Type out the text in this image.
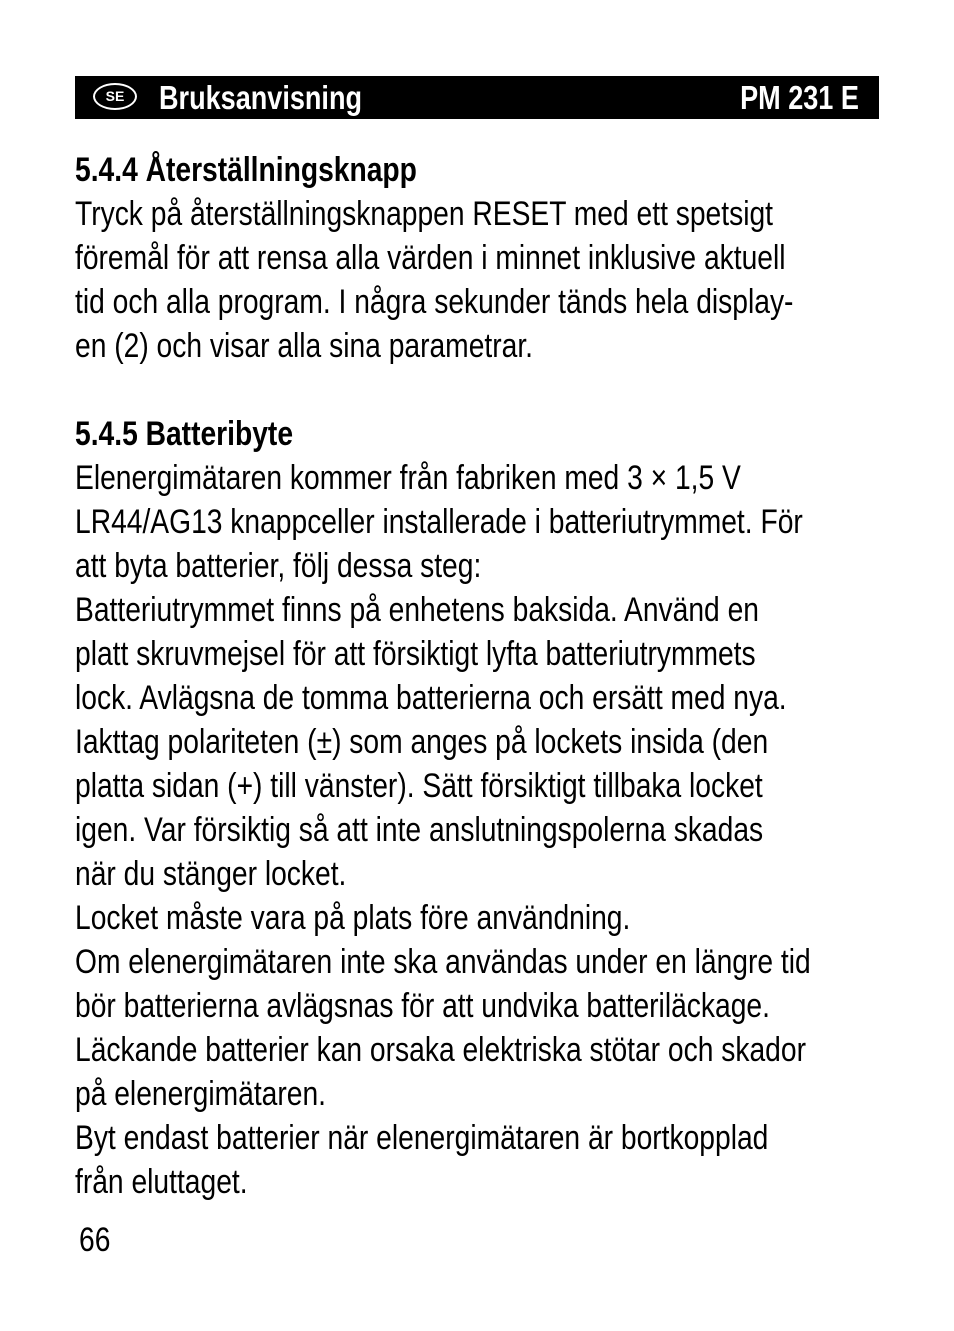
SE	Bruksanvisning	PM 231 E
5.4.4 Återställningsknapp
Tryck på återställningsknappen RESET med ett spetsigt
föremål för att rensa alla värden i minnet inklusive aktuell
tid och alla program. I några sekunder tänds hela display-
en (2) och visar alla sina parametrar.
5.4.5 Batteribyte
Elenergimätaren kommer från fabriken med 3 × 1,5 V
LR44/AG13 knappceller installerade i batteriutrymmet. För
att byta batterier, följ dessa steg:
Batteriutrymmet finns på enhetens baksida. Använd en
platt skruvmejsel för att försiktigt lyfta batteriutrymmets
lock. Avlägsna de tomma batterierna och ersätt med nya.
Iakttag polariteten (±) som anges på lockets insida (den
platta sidan (+) till vänster). Sätt försiktigt tillbaka locket
igen. Var försiktig så att inte anslutningspolerna skadas
när du stänger locket.
Locket måste vara på plats före användning.
Om elenergimätaren inte ska användas under en längre tid
bör batterierna avlägsnas för att undvika batteriläckage.
Läckande batterier kan orsaka elektriska stötar och skador
på elenergimätaren.
Byt endast batterier när elenergimätaren är bortkopplad
från eluttaget.
66
